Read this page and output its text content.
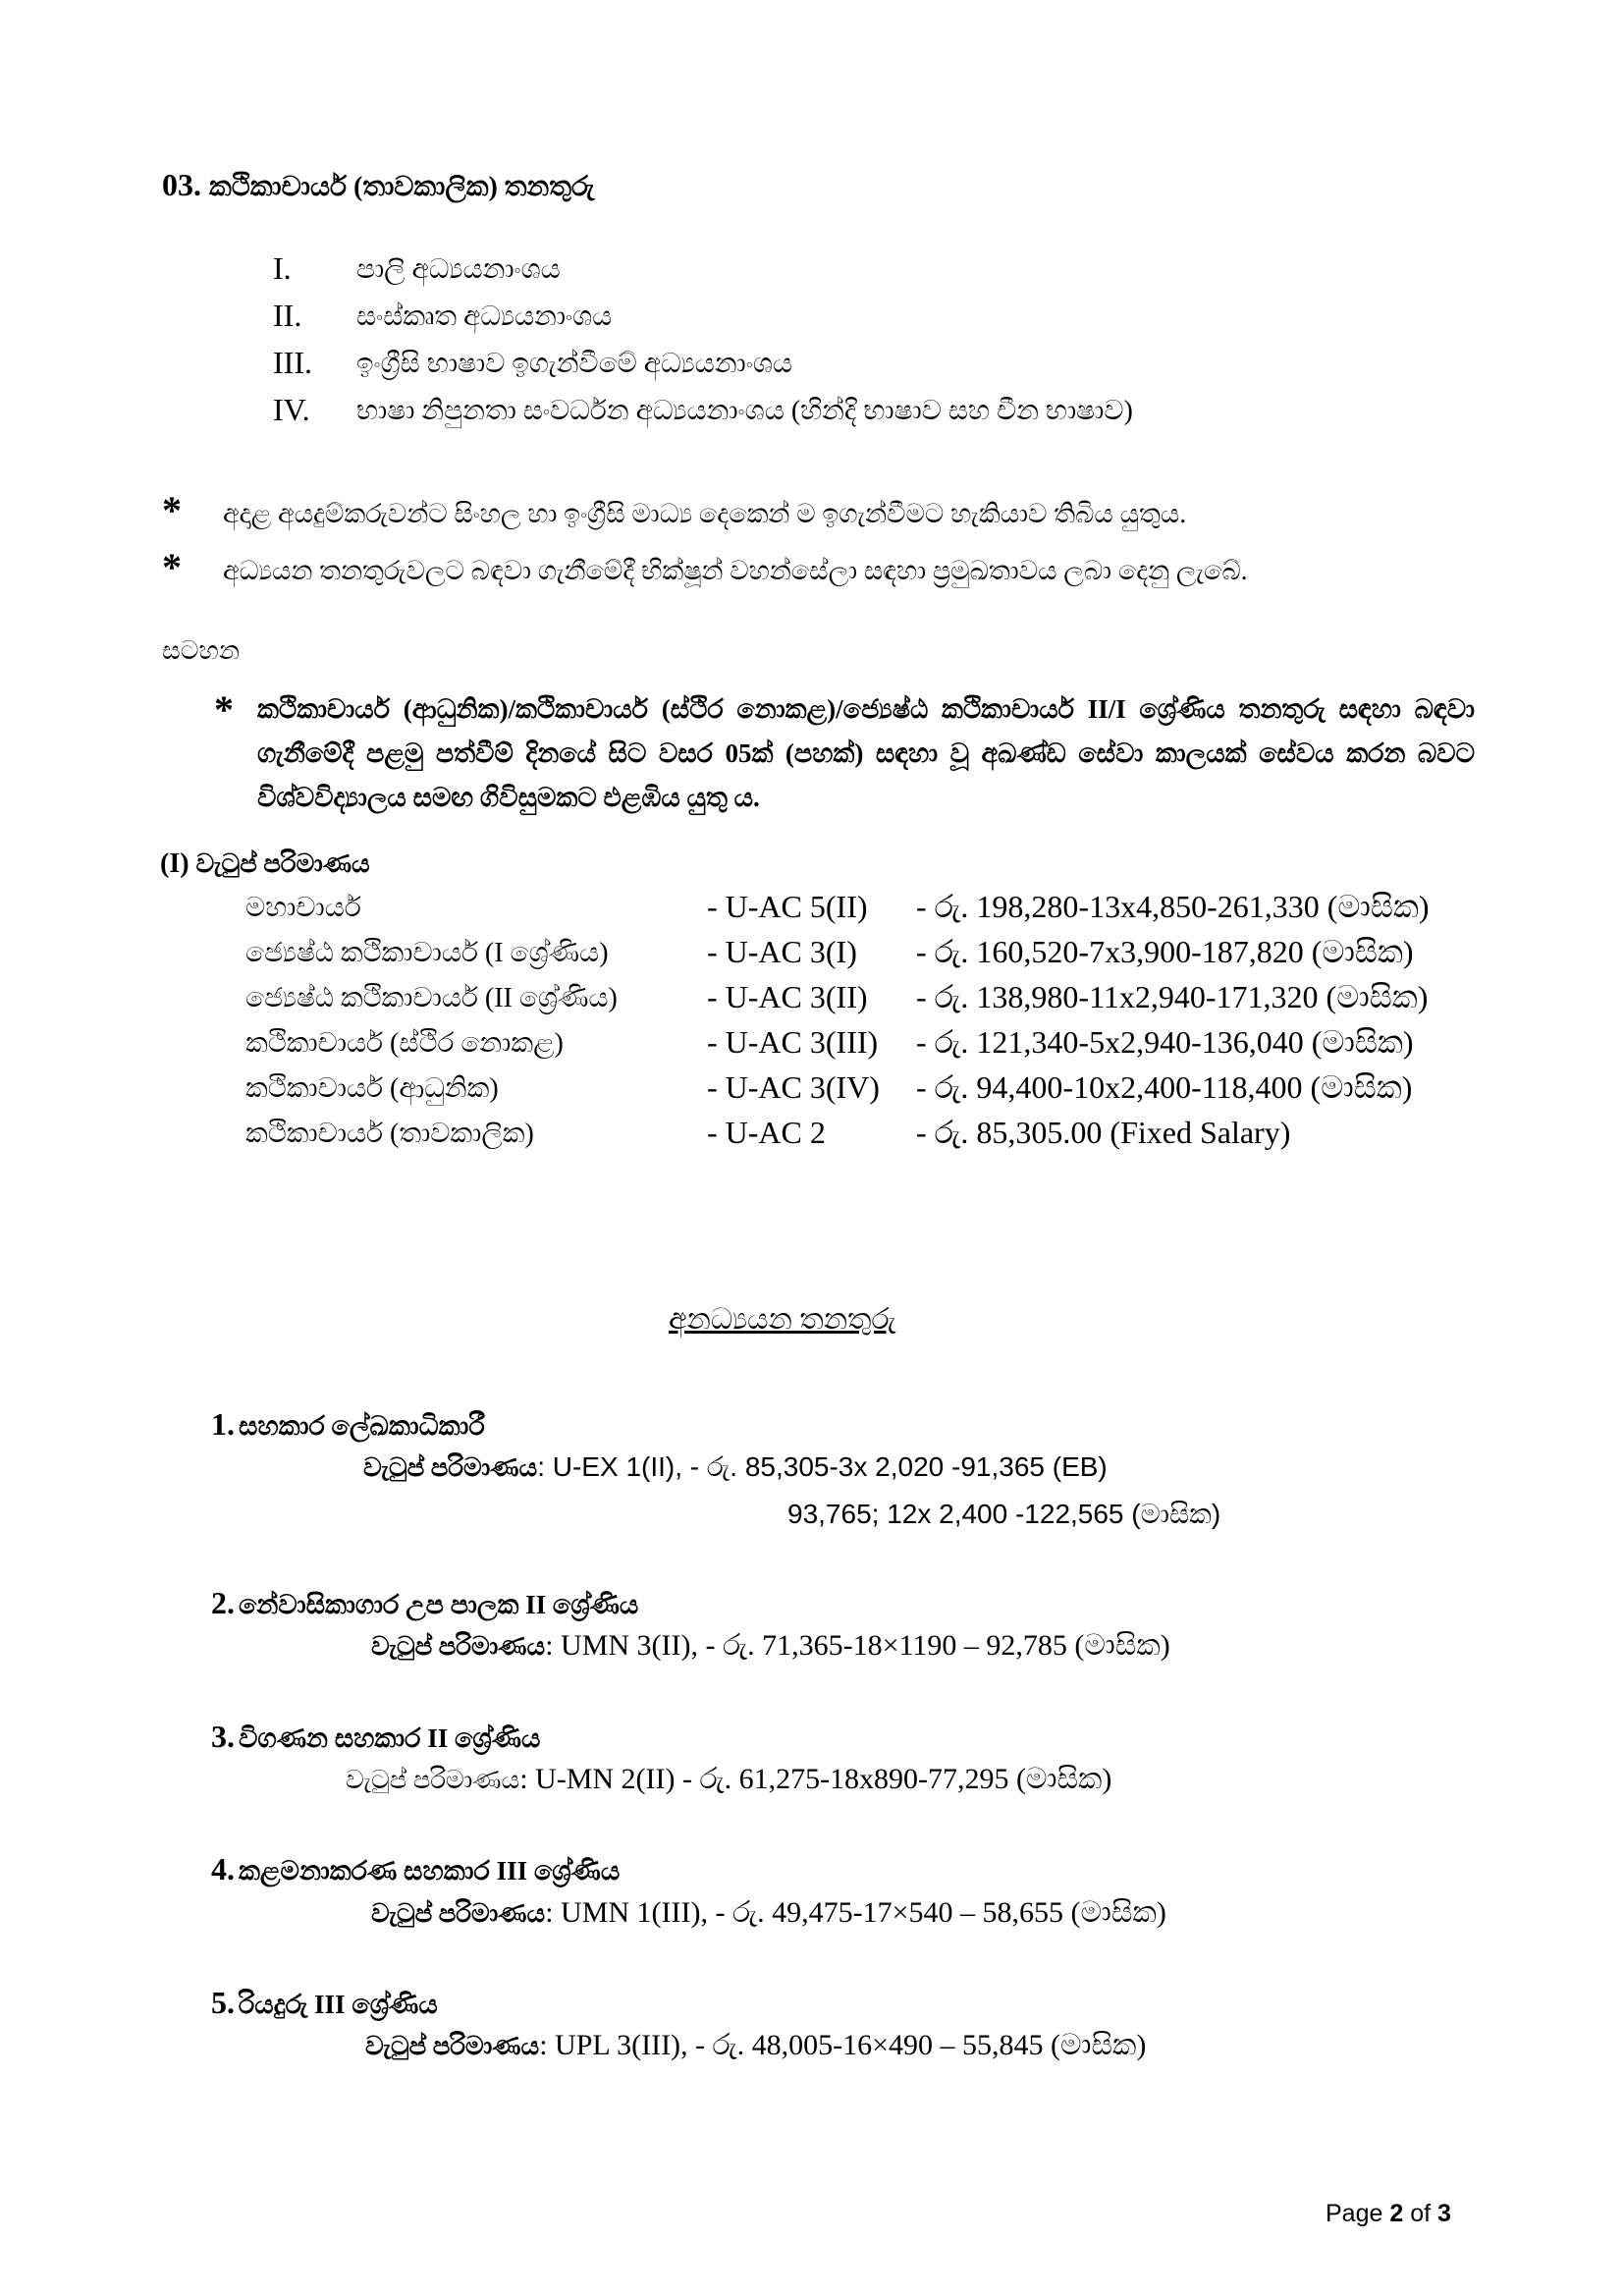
03. කථිකාචාර්ය (තාවකාලික) තනතුරු
I. පාලි අධ්‍යයනාංශය
II. සංස්කෘත අධ්‍යයනාංශය
III. ඉංග්‍රීසි භාෂාව ඉගැන්වීමේ අධ්‍යයනාංශය
IV. භාෂා නිපුනතා සංවර්ධන අධ්‍යයනාංශය (හින්දි භාෂාව සහ චීන භාෂාව)
* අදාළ අයදුම්කරුවන්ට සිංහල හා ඉංග්‍රීසි මාධ්‍ය දෙකෙන් ම ඉගැන්වීමට හැකියාව තිබිය යුතුය.
* අධ්‍යයන තනතුරුවලට බඳවා ගැනීමේදී භික්ෂූන් වහන්සේලා සඳහා ප්‍රමුඛතාවය ලබා දෙනු ලැබේ.
සටහන
* කථිකාචාර්ය (ආධුනික)/කථිකාචාර්ය (ස්ථිර නොකළ)/ජ්‍යෙෂ්ඨ කථිකාචාර්ය II/I ශ්‍රේණිය තනතුරු සඳහා බඳවා ගැනීමේදී පළමු පත්වීම් දිනයේ සිට වසර 05ක් (පහක්) සඳහා වූ අඛණ්ඩ සේවා කාලයක් සේවය කරන බවට විශ්වවිද්‍යාලය සමඟ ගිවිසුමකට එළඹිය යුතු ය.
(I) වැටුප් පරිමාණය
මහාචාර්ය	- U-AC 5(II) - රු. 198,280-13x4,850-261,330 (මාසික)
ජ්‍යෙෂ්ඨ කථිකාචාර්ය (I ශ්‍රේණිය)	- U-AC 3(I) - රු. 160,520-7x3,900-187,820 (මාසික)
ජ්‍යෙෂ්ඨ කථිකාචාර්ය (II ශ්‍රේණිය)	- U-AC 3(II) - රු. 138,980-11x2,940-171,320 (මාසික)
කථිකාචාර්ය (ස්ථිර නොකළ)	- U-AC 3(III) - රු. 121,340-5x2,940-136,040 (මාසික)
කථිකාචාර්ය (ආධුනික)	- U-AC 3(IV) - රු. 94,400-10x2,400-118,400 (මාසික)
කථිකාචාර්ය (තාවකාලික)	- U-AC 2	- රු. 85,305.00 (Fixed Salary)
අනධ්‍යයන තනතුරු
1. සහකාර ලේඛකාධිකාරී
වැටුප් පරිමාණය: U-EX 1(II), - රු. 85,305-3x 2,020 -91,365 (EB)
93,765; 12x 2,400 -122,565 (මාසික)
2. නේවාසිකාගාර උප පාලක II ශ්‍රේණිය
වැටුප් පරිමාණය: UMN 3(II), - රු. 71,365-18×1190 – 92,785 (මාසික)
3. විගණන සහකාර II ශ්‍රේණිය
වැටුප් පරිමාණය: U-MN 2(II) - රු. 61,275-18x890-77,295 (මාසික)
4. කළමනාකරණ සහකාර III ශ්‍රේණිය
වැටුප් පරිමාණය: UMN 1(III), - රු. 49,475-17×540 – 58,655 (මාසික)
5. රියදුරු III ශ්‍රේණිය
වැටුප් පරිමාණය: UPL 3(III), - රු. 48,005-16×490 – 55,845 (මාසික)
Page 2 of 3
